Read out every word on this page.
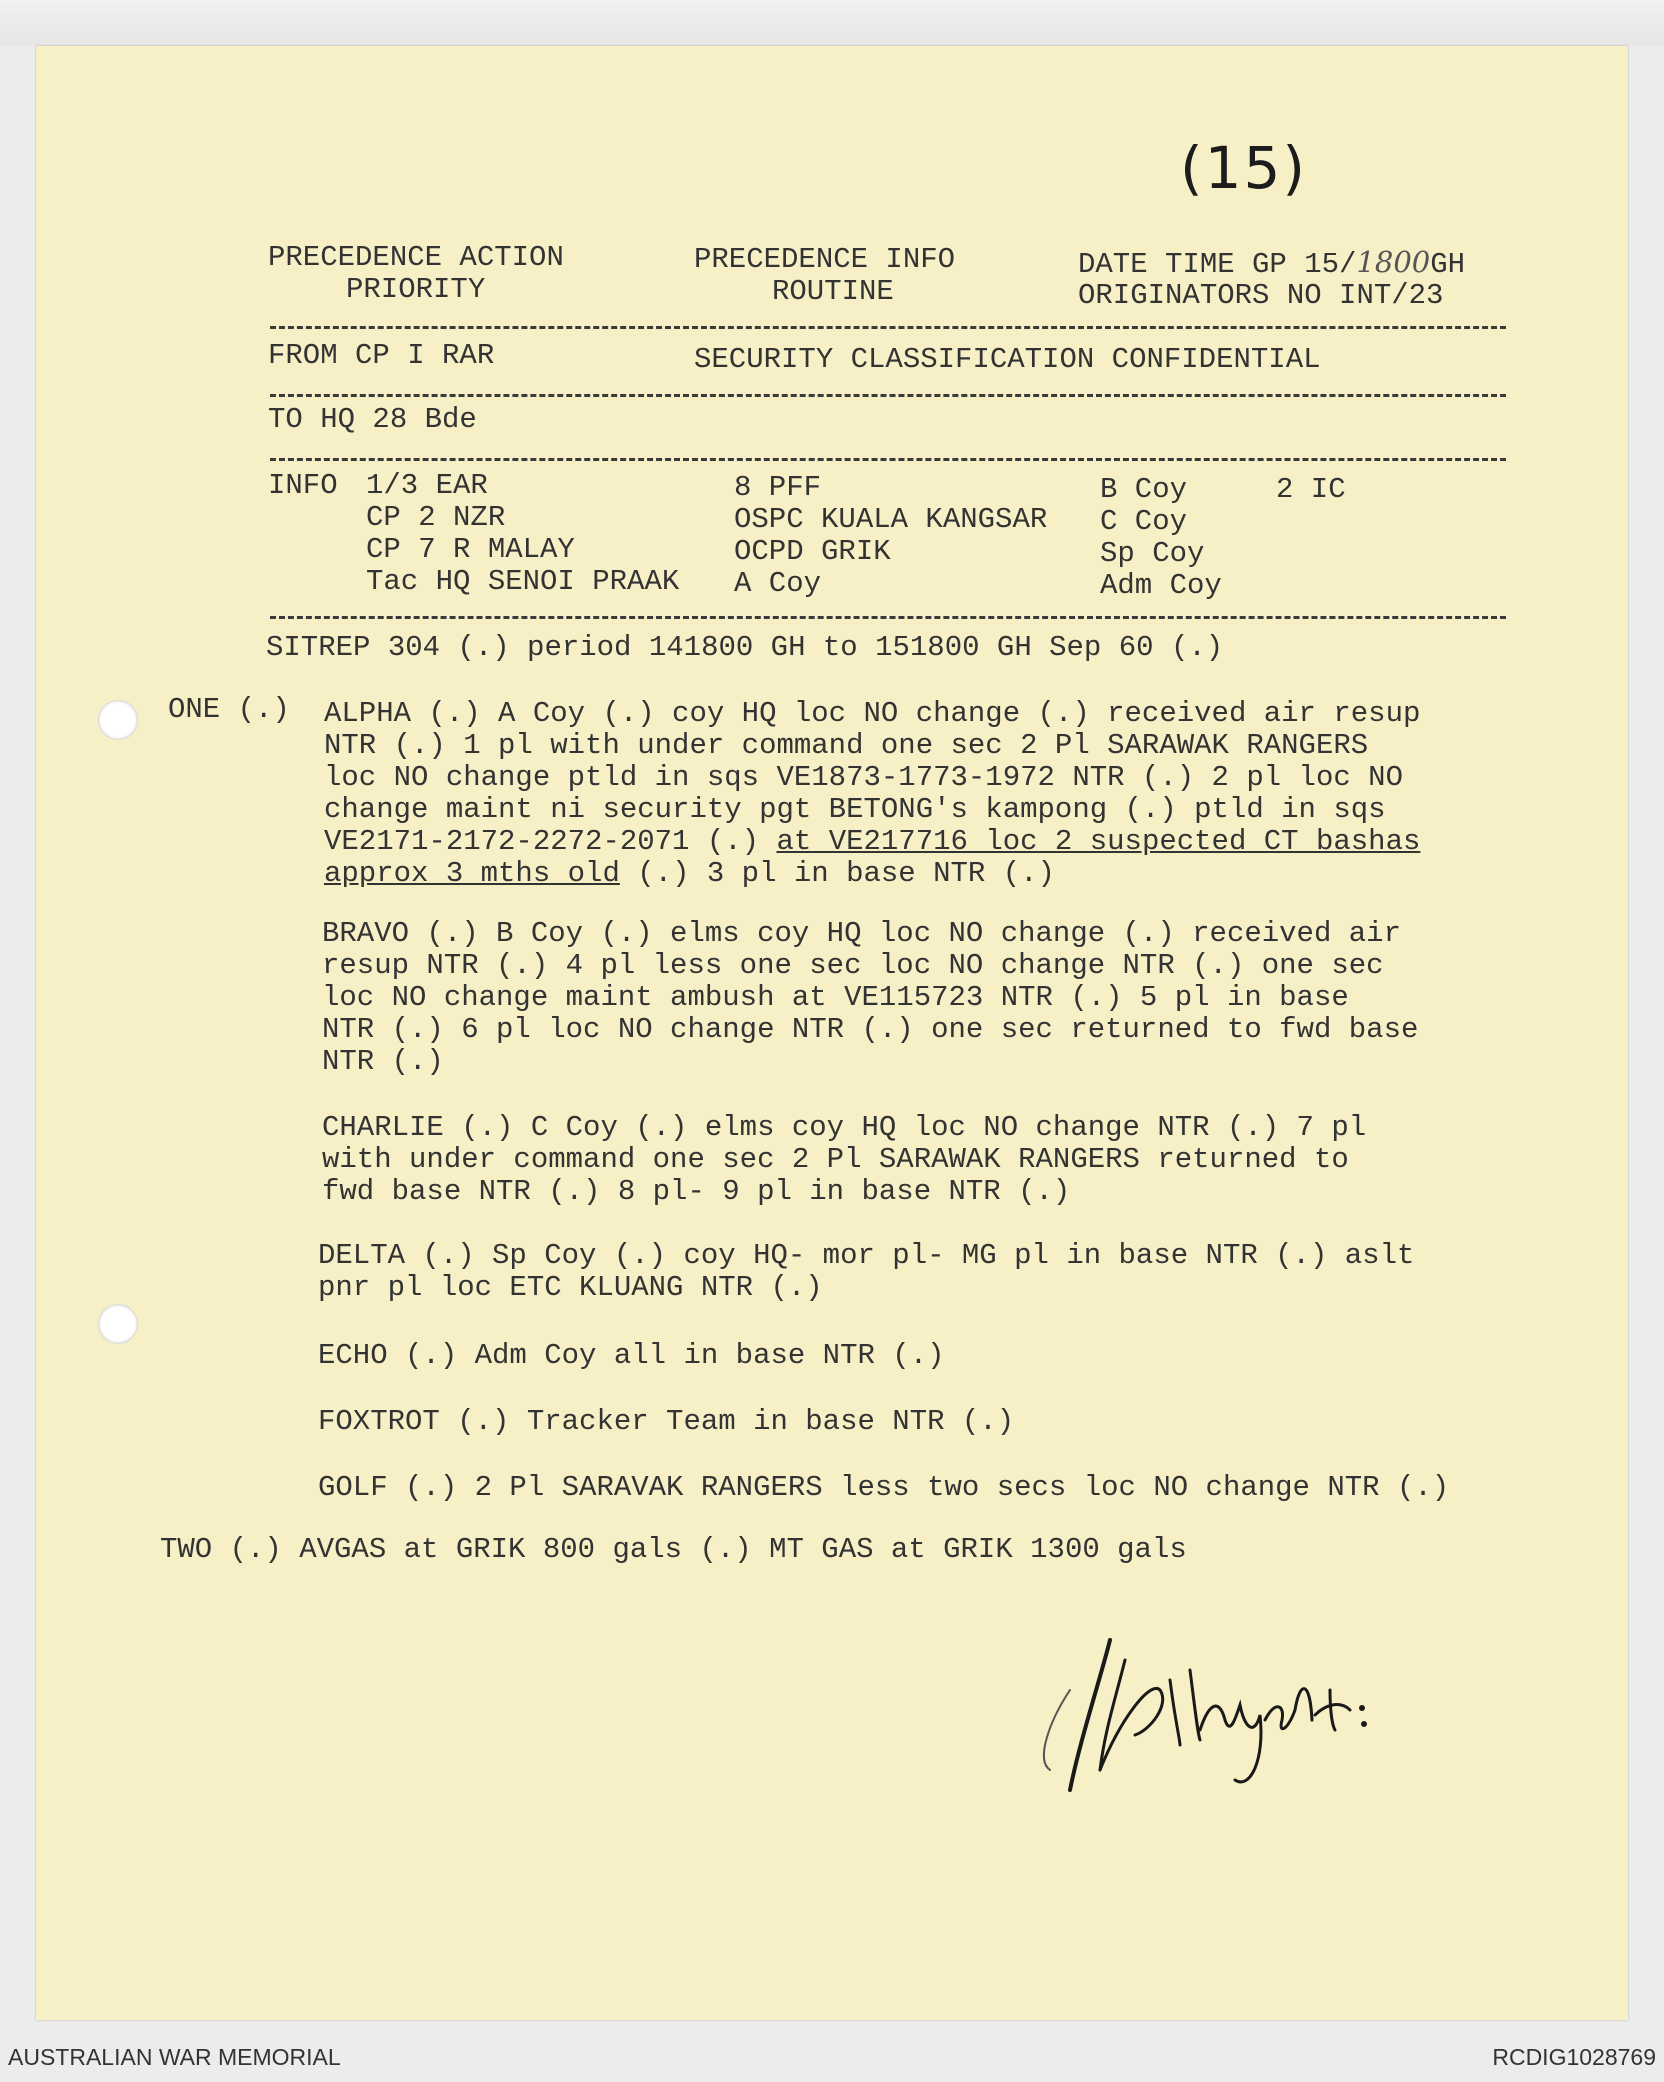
(15)
PRECEDENCE ACTION
PRIORITY
PRECEDENCE INFO
ROUTINE
DATE TIME GP 15/1800GH
ORIGINATORS NO INT/23
FROM CP I RAR	SECURITY CLASSIFICATION CONFIDENTIAL
TO HQ 28 Bde
INFO 1/3 EAR
CP 2 NZR
CP 7 R MALAY
Tac HQ SENOI PRAAK
8 PFF
OSPC KUALA KANGSAR
OCPD GRIK
A Coy
B Coy
C Coy
Sp Coy
Adm Coy
2 IC
SITREP 304 (.) period 141800 GH to 151800 GH Sep 60 (.)
ONE (.) ALPHA (.) A Coy (.) coy HQ loc NO change (.) received air resup
NTR (.) 1 pl with under command one sec 2 Pl SARAWAK RANGERS
loc NO change ptld in sqs VE1873-1773-1972 NTR (.) 2 pl loc NO
change maint ni security pgt BETONG's kampong (.) ptld in sqs
VE2171-2172-2272-2071 (.) at VE217716 loc 2 suspected CT bashas
approx 3 mths old (.) 3 pl in base NTR (.)
BRAVO (.) B Coy (.) elms coy HQ loc NO change (.) received air
resup NTR (.) 4 pl less one sec loc NO change NTR (.) one sec
loc NO change maint ambush at VE115723 NTR (.) 5 pl in base
NTR (.) 6 pl loc NO change NTR (.) one sec returned to fwd base
NTR (.)
CHARLIE (.) C Coy (.) elms coy HQ loc NO change NTR (.) 7 pl
with under command one sec 2 Pl SARAWAK RANGERS returned to
fwd base NTR (.) 8 pl- 9 pl in base NTR (.)
DELTA (.) Sp Coy (.) coy HQ- mor pl- MG pl in base NTR (.) aslt
pnr pl loc ETC KLUANG NTR (.)
ECHO (.) Adm Coy all in base NTR (.)
FOXTROT (.) Tracker Team in base NTR (.)
GOLF (.) 2 Pl SARAVAK RANGERS less two secs loc NO change NTR (.)
TWO (.) AVGAS at GRIK 800 gals (.) MT GAS at GRIK 1300 gals
AUSTRALIAN WAR MEMORIAL	RCDIG1028769
